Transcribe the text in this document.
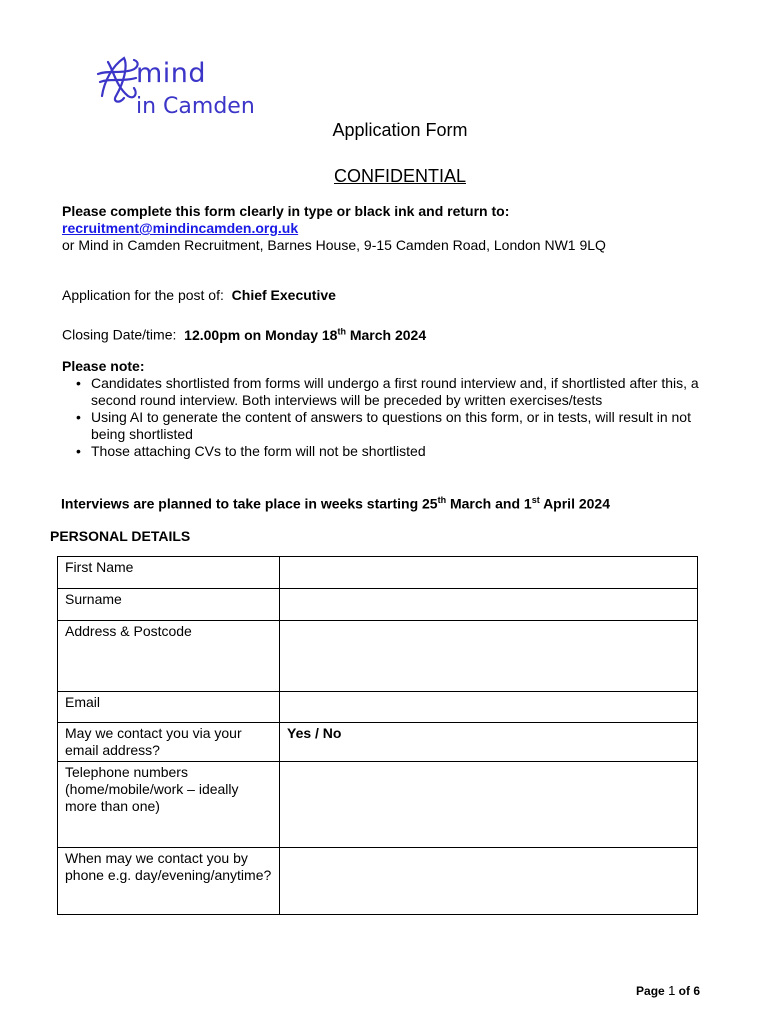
mind
in Camden
Application Form
CONFIDENTIAL
Please complete this form clearly in type or black ink and return to:
recruitment@mindincamden.org.uk
or Mind in Camden Recruitment, Barnes House, 9-15 Camden Road, London NW1 9LQ
Application for the post of: Chief Executive
Closing Date/time: 12.00pm on Monday 18th March 2024
Please note:
• Candidates shortlisted from forms will undergo a first round interview and, if shortlisted after this, a second round interview. Both interviews will be preceded by written exercises/tests
• Using AI to generate the content of answers to questions on this form, or in tests, will result in not being shortlisted
• Those attaching CVs to the form will not be shortlisted
Interviews are planned to take place in weeks starting 25th March and 1st April 2024
PERSONAL DETAILS
First Name	
Surname	
Address & Postcode	
Email	
May we contact you via your email address?	Yes / No
Telephone numbers (home/mobile/work – ideally more than one)	
When may we contact you by phone e.g. day/evening/anytime?	
Page 1 of 6
